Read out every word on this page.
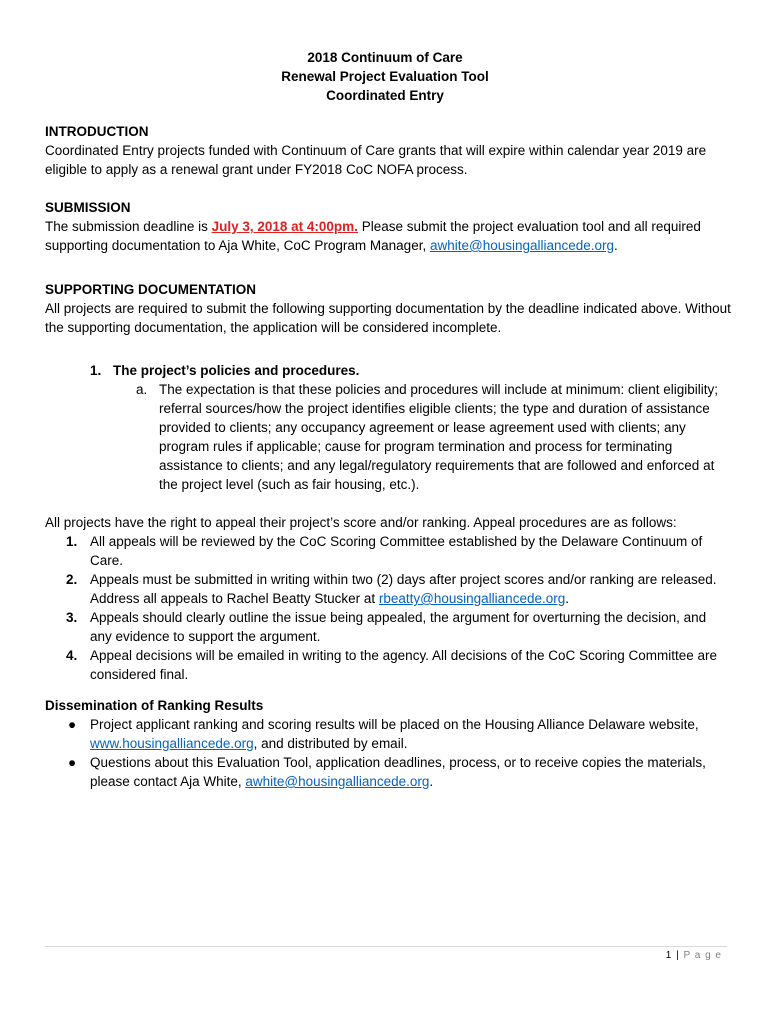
2018 Continuum of Care
Renewal Project Evaluation Tool
Coordinated Entry
INTRODUCTION
Coordinated Entry projects funded with Continuum of Care grants that will expire within calendar year 2019 are eligible to apply as a renewal grant under FY2018 CoC NOFA process.
SUBMISSION
The submission deadline is July 3, 2018 at 4:00pm. Please submit the project evaluation tool and all required supporting documentation to Aja White, CoC Program Manager, awhite@housingalliancede.org.
SUPPORTING DOCUMENTATION
All projects are required to submit the following supporting documentation by the deadline indicated above. Without the supporting documentation, the application will be considered incomplete.
1. The project’s policies and procedures.
a. The expectation is that these policies and procedures will include at minimum: client eligibility; referral sources/how the project identifies eligible clients; the type and duration of assistance provided to clients; any occupancy agreement or lease agreement used with clients; any program rules if applicable; cause for program termination and process for terminating assistance to clients; and any legal/regulatory requirements that are followed and enforced at the project level (such as fair housing, etc.).
All projects have the right to appeal their project’s score and/or ranking. Appeal procedures are as follows:
1. All appeals will be reviewed by the CoC Scoring Committee established by the Delaware Continuum of Care.
2. Appeals must be submitted in writing within two (2) days after project scores and/or ranking are released. Address all appeals to Rachel Beatty Stucker at rbeatty@housingalliancede.org.
3. Appeals should clearly outline the issue being appealed, the argument for overturning the decision, and any evidence to support the argument.
4. Appeal decisions will be emailed in writing to the agency. All decisions of the CoC Scoring Committee are considered final.
Dissemination of Ranking Results
● Project applicant ranking and scoring results will be placed on the Housing Alliance Delaware website, www.housingalliancede.org, and distributed by email.
● Questions about this Evaluation Tool, application deadlines, process, or to receive copies the materials, please contact Aja White, awhite@housingalliancede.org.
1 | P a g e
